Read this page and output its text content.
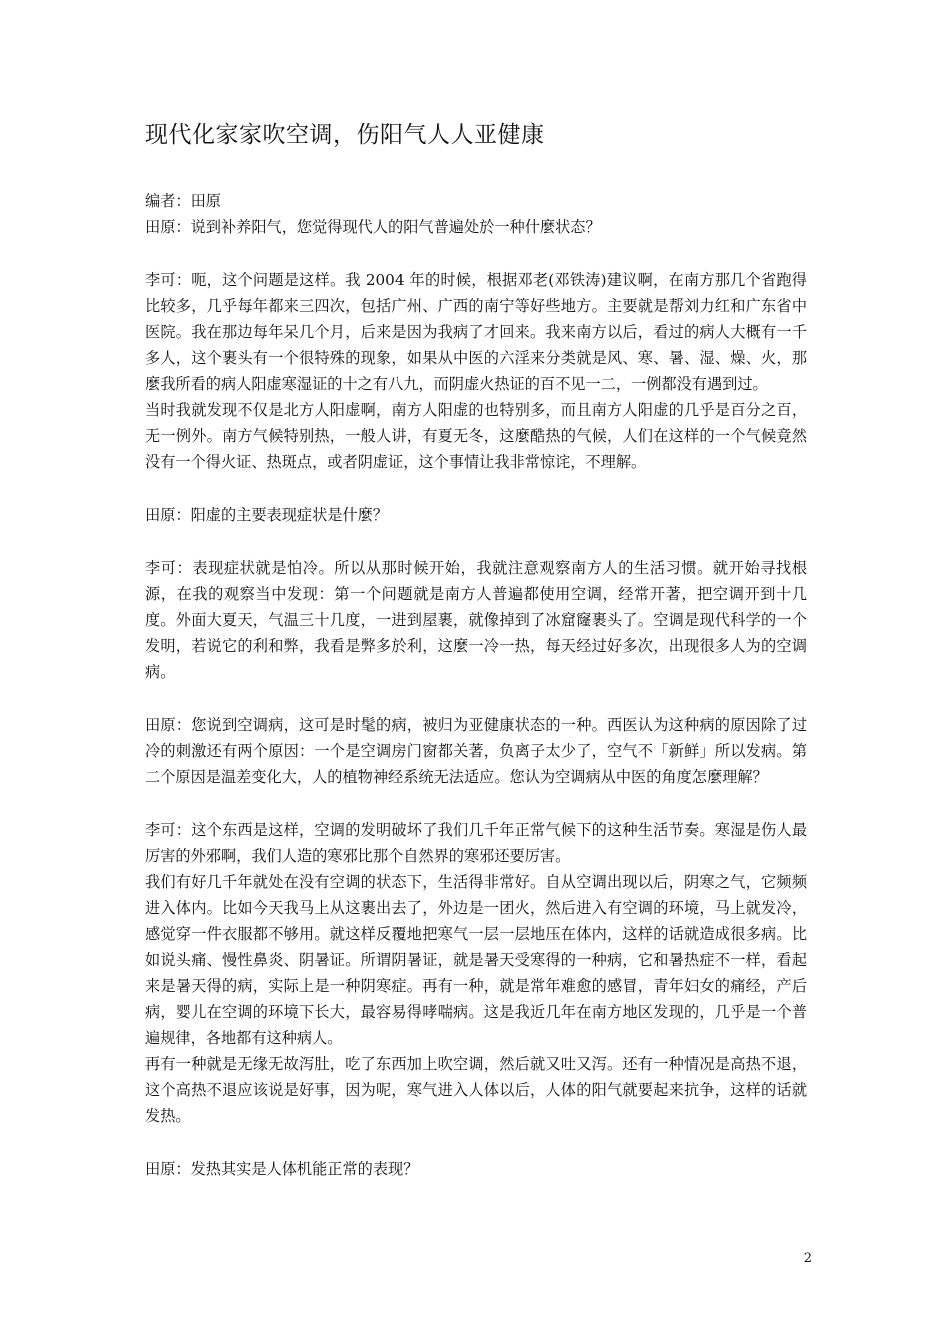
现代化家家吹空调，伤阳气人人亚健康

编者：田原

田原：说到补养阳气，您觉得现代人的阳气普遍处於一种什麼状态？

李可：呃，这个问题是这样。我 2004 年的时候，根据邓老(邓铁涛)建议啊，在南方那几个省跑得比较多，几乎每年都来三四次，包括广州、广西的南宁等好些地方。主要就是帮刘力红和广东省中医院。我在那边每年呆几个月，后来是因为我病了才回来。我来南方以后，看过的病人大概有一千多人，这个裹头有一个很特殊的现象，如果从中医的六淫来分类就是风、寒、暑、湿、燥、火，那麼我所看的病人阳虚寒湿证的十之有八九，而阴虚火热证的百不见一二，一例都没有遇到过。

当时我就发现不仅是北方人阳虚啊，南方人阳虚的也特别多，而且南方人阳虚的几乎是百分之百，无一例外。南方气候特别热，一般人讲，有夏无冬，这麼酷热的气候，人们在这样的一个气候竟然没有一个得火证、热斑点，或者阴虚证，这个事情让我非常惊诧，不理解。

田原：阳虚的主要表现症状是什麼？

李可：表现症状就是怕冷。所以从那时候开始，我就注意观察南方人的生活习惯。就开始寻找根源，在我的观察当中发现：第一个问题就是南方人普遍都使用空调，经常开著，把空调开到十几度。外面大夏天，气温三十几度，一进到屋裹，就像掉到了冰窟窿裹头了。空调是现代科学的一个发明，若说它的利和弊，我看是弊多於利，这麼一冷一热，每天经过好多次，出现很多人为的空调病。

田原：您说到空调病，这可是时髦的病，被归为亚健康状态的一种。西医认为这种病的原因除了过冷的刺激还有两个原因：一个是空调房门窗都关著，负离子太少了，空气不「新鲜」所以发病。第二个原因是温差变化大，人的植物神经系统无法适应。您认为空调病从中医的角度怎麼理解？

李可：这个东西是这样，空调的发明破坏了我们几千年正常气候下的这种生活节奏。寒湿是伤人最厉害的外邪啊，我们人造的寒邪比那个自然界的寒邪还要厉害。

我们有好几千年就处在没有空调的状态下，生活得非常好。自从空调出现以后，阴寒之气，它频频进入体内。比如今天我马上从这裹出去了，外边是一团火，然后进入有空调的环境，马上就发冷，感觉穿一件衣服都不够用。就这样反覆地把寒气一层一层地压在体内，这样的话就造成很多病。比如说头痛、慢性鼻炎、阴暑证。所谓阴暑证，就是暑天受寒得的一种病，它和暑热症不一样，看起来是暑天得的病，实际上是一种阴寒症。再有一种，就是常年难愈的感冒，青年妇女的痛经，产后病，婴儿在空调的环境下长大，最容易得哮喘病。这是我近几年在南方地区发现的，几乎是一个普遍规律，各地都有这种病人。

再有一种就是无缘无故泻肚，吃了东西加上吹空调，然后就又吐又泻。还有一种情况是高热不退，这个高热不退应该说是好事，因为呢，寒气进入人体以后，人体的阳气就要起来抗争，这样的话就发热。

田原：发热其实是人体机能正常的表现？

2
